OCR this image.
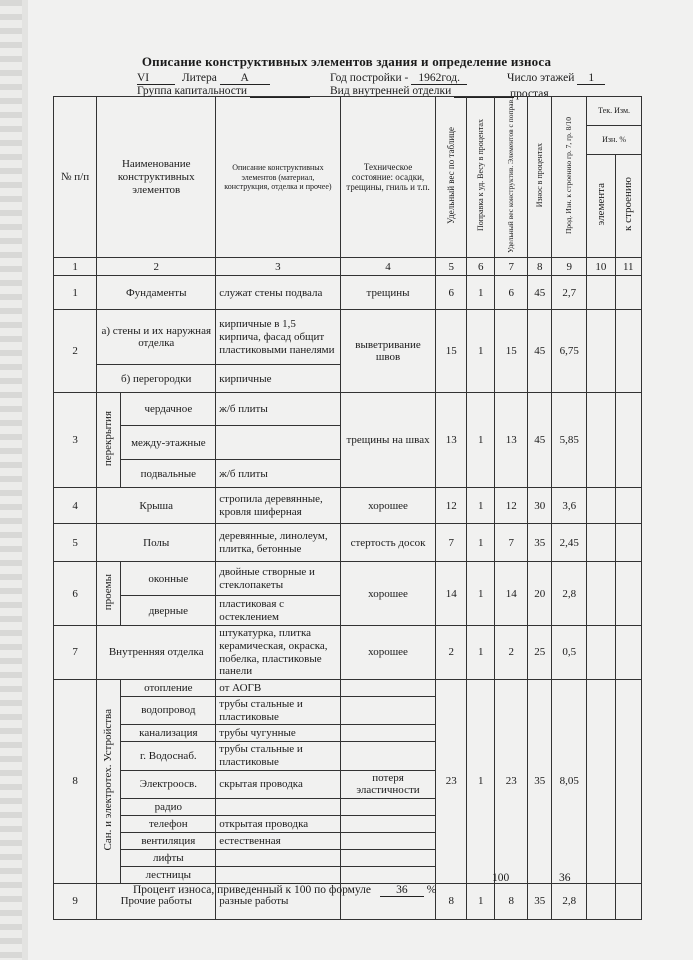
Описание конструктивных элементов здания и определение износа
VI	Литера А	Год постройки - 1962год.	Число этажей 1
Группа капитальности	Вид внутренней отделки	простая
№ п/п	Наименование конструктивных элементов		Описание конструктивных элементов (материал, конструкция, отделка и прочее)	Техническое состояние: осадки, трещины, гниль и т.п.	Удельный вес по таблице	Поправка к уд. Весу в процентах	Удельный вес конструктив. Элементов с поправ.	Износ в процентах	Прод. Изн. к строению гр. 7, гр. 8/10	Тек. Изм.	
										Изн. %	
										элемента	к строению
1	2		3	4	5	6	7	8	9	10	11
1	Фундаменты		служат стены подвала	трещины	6	1	6	45	2,7		
2	а) стены и их наружная отделка		кирпичные в 1,5 кирпича, фасад общит пластиковыми панелями	выветривание швов	15	1	15	45	6,75		
	б) перегородки		кирпичные								
3	перекрытия	чердачное	ж/б плиты	трещины на швах	13	1	13	45	5,85		
		между-этажные									
		подвальные	ж/б плиты								
4	Крыша		стропила деревянные, кровля шиферная	хорошее	12	1	12	30	3,6		
5	Полы		деревянные, линолеум, плитка, бетонные	стертость досок	7	1	7	35	2,45		
6	проемы	оконные	двойные створные и стеклопакеты	хорошее	14	1	14	20	2,8		
		дверные	пластиковая с остеклением								
7	Внутренняя отделка		штукатурка, плитка керамическая, окраска, побелка, пластиковые панели	хорошее	2	1	2	25	0,5		
8	Сан. и электротех. Устройства	отопление	от АОГВ		23	1	23	35	8,05		
		водопровод	трубы стальные и пластиковые								
		канализация	трубы чугунные								
		г. Водоснаб.	трубы стальные и пластиковые								
		Электроосв.	скрытая проводка	потеря эластичности							
		радио									
		телефон	открытая проводка								
		вентиляция	естественная								
		лифты									
		лестницы									
9	Прочие работы		разные работы		8	1	8	35	2,8		
100	36
Процент износа, приведенный к 100 по формуле 36 %
